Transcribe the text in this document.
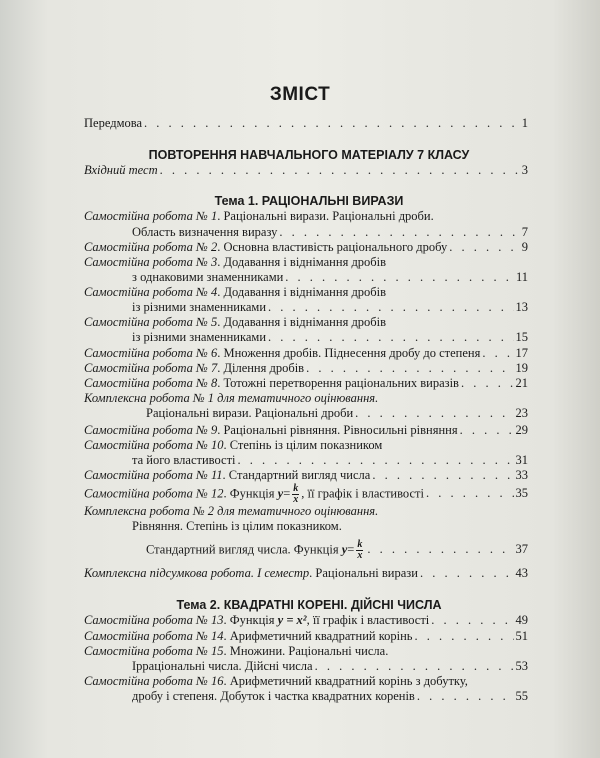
ЗМІСТ
Передмова . . .	1
ПОВТОРЕННЯ НАВЧАЛЬНОГО МАТЕРІАЛУ 7 КЛАСУ
Вхідний тест . . .	3
Тема 1. РАЦІОНАЛЬНІ ВИРАЗИ
Самостійна робота № 1. Раціональні вирази. Раціональні дроби.
Область визначення виразу . . .	7
Самостійна робота № 2. Основна властивість раціонального дробу . . .	9
Самостійна робота № 3. Додавання і віднімання дробів
з однаковими знаменниками . . .	11
Самостійна робота № 4. Додавання і віднімання дробів
із різними знаменниками . . .	13
Самостійна робота № 5. Додавання і віднімання дробів
із різними знаменниками . . .	15
Самостійна робота № 6. Множення дробів. Піднесення дробу до степеня . . .	17
Самостійна робота № 7. Ділення дробів . . .	19
Самостійна робота № 8. Тотожні перетворення раціональних виразів . . .	21
Комплексна робота № 1 для тематичного оцінювання.
Раціональні вирази. Раціональні дроби . . .	23
Самостійна робота № 9. Раціональні рівняння. Рівносильні рівняння . . .	29
Самостійна робота № 10. Степінь із цілим показником
та його властивості . . .	31
Самостійна робота № 11. Стандартний вигляд числа . . .	33
Самостійна робота № 12. Функція $y= \frac{k}{x}$ , її графік і властивості . . .	35
Комплексна робота № 2 для тематичного оцінювання.
Рівняння. Степінь із цілим показником.
Стандартний вигляд числа. Функція $y= \frac{k}{x}$ . . .	37
Комплексна підсумкова робота. І семестр. Раціональні вирази . . .	43
Тема 2. КВАДРАТНІ КОРЕНІ. ДІЙСНІ ЧИСЛА
Самостійна робота № 13. Функція y = x², її графік і властивості . . .	49
Самостійна робота № 14. Арифметичний квадратний корінь . . .	51
Самостійна робота № 15. Множини. Раціональні числа.
Ірраціональні числа. Дійсні числа . . .	53
Самостійна робота № 16. Арифметичний квадратний корінь з добутку,
дробу і степеня. Добуток і частка квадратних коренів . . .	55
